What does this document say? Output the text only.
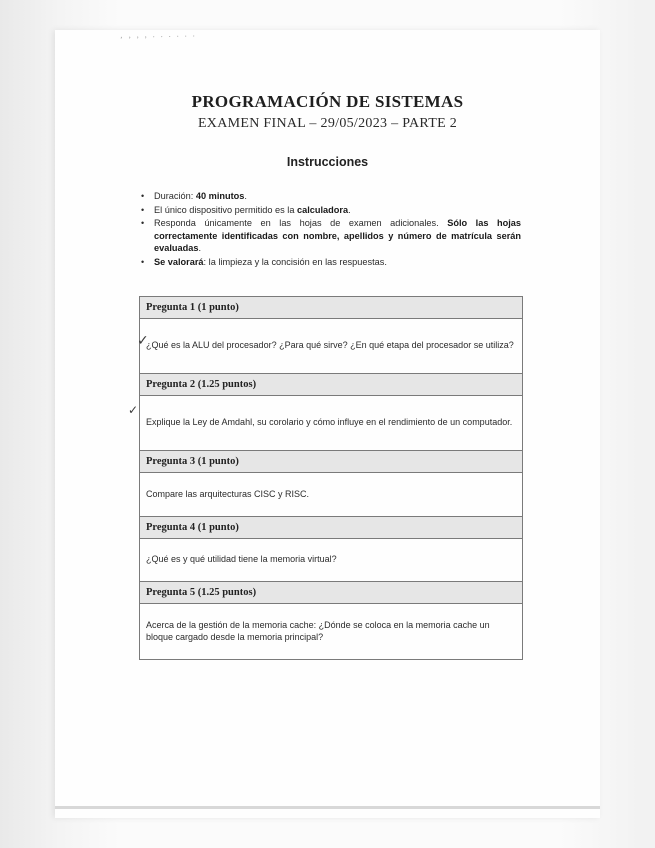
‚ , , , . . . . . .
PROGRAMACIÓN DE SISTEMAS
EXAMEN FINAL – 29/05/2023 – PARTE 2
Instrucciones
• Duración: 40 minutos.
• El único dispositivo permitido es la calculadora.
• Responda únicamente en las hojas de examen adicionales. Sólo las hojas correctamente identificadas con nombre, apellidos y número de matrícula serán evaluadas.
• Se valorará: la limpieza y la concisión en las respuestas.
Pregunta 1 (1 punto)
¿Qué es la ALU del procesador? ¿Para qué sirve? ¿En qué etapa del procesador se utiliza?
Pregunta 2 (1.25 puntos)
Explique la Ley de Amdahl, su corolario y cómo influye en el rendimiento de un computador.
Pregunta 3 (1 punto)
Compare las arquitecturas CISC y RISC.
Pregunta 4 (1 punto)
¿Qué es y qué utilidad tiene la memoria virtual?
Pregunta 5 (1.25 puntos)
Acerca de la gestión de la memoria cache: ¿Dónde se coloca en la memoria cache un bloque cargado desde la memoria principal?
✓
✓
